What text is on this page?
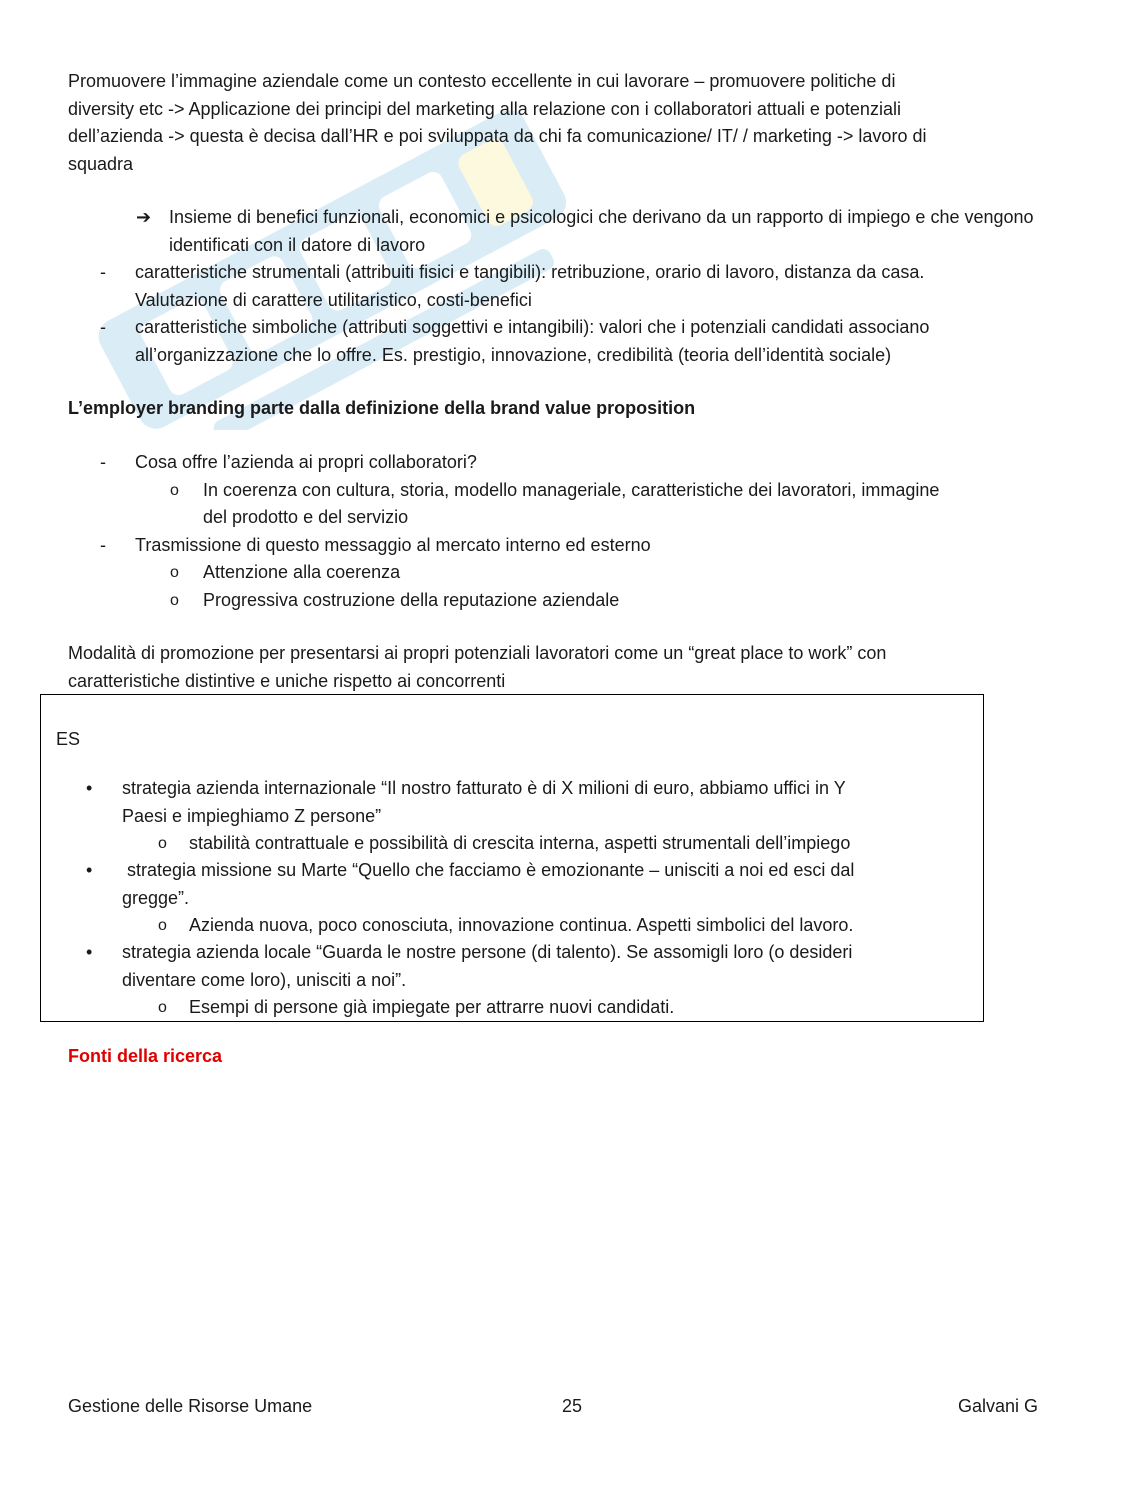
Promuovere l’immagine aziendale come un contesto eccellente in cui lavorare – promuovere politiche di
diversity etc -> Applicazione dei principi del marketing alla relazione con i collaboratori attuali e potenziali
dell’azienda -> questa è decisa dall’HR e poi sviluppata da chi fa comunicazione/ IT/ / marketing -> lavoro di
squadra
➔ Insieme di benefici funzionali, economici e psicologici che derivano da un rapporto di impiego e che vengono identificati con il datore di lavoro
- caratteristiche strumentali (attribuiti fisici e tangibili): retribuzione, orario di lavoro, distanza da casa.
Valutazione di carattere utilitaristico, costi-benefici
- caratteristiche simboliche (attributi soggettivi e intangibili): valori che i potenziali candidati associano
all’organizzazione che lo offre. Es. prestigio, innovazione, credibilità (teoria dell’identità sociale)
L’employer branding parte dalla definizione della brand value proposition
- Cosa offre l’azienda ai propri collaboratori?
o In coerenza con cultura, storia, modello manageriale, caratteristiche dei lavoratori, immagine
del prodotto e del servizio
- Trasmissione di questo messaggio al mercato interno ed esterno
o Attenzione alla coerenza
o Progressiva costruzione della reputazione aziendale
Modalità di promozione per presentarsi ai propri potenziali lavoratori come un “great place to work” con
caratteristiche distintive e uniche rispetto ai concorrenti
ES
• strategia azienda internazionale “Il nostro fatturato è di X milioni di euro, abbiamo uffici in Y
Paesi e impieghiamo Z persone”
o stabilità contrattuale e possibilità di crescita interna, aspetti strumentali dell’impiego
• strategia missione su Marte “Quello che facciamo è emozionante – unisciti a noi ed esci dal
gregge”.
o Azienda nuova, poco conosciuta, innovazione continua. Aspetti simbolici del lavoro.
• strategia azienda locale “Guarda le nostre persone (di talento). Se assomigli loro (o desideri
diventare come loro), unisciti a noi”.
o Esempi di persone già impiegate per attrarre nuovi candidati.
Fonti della ricerca
Gestione delle Risorse Umane	25	Galvani G
